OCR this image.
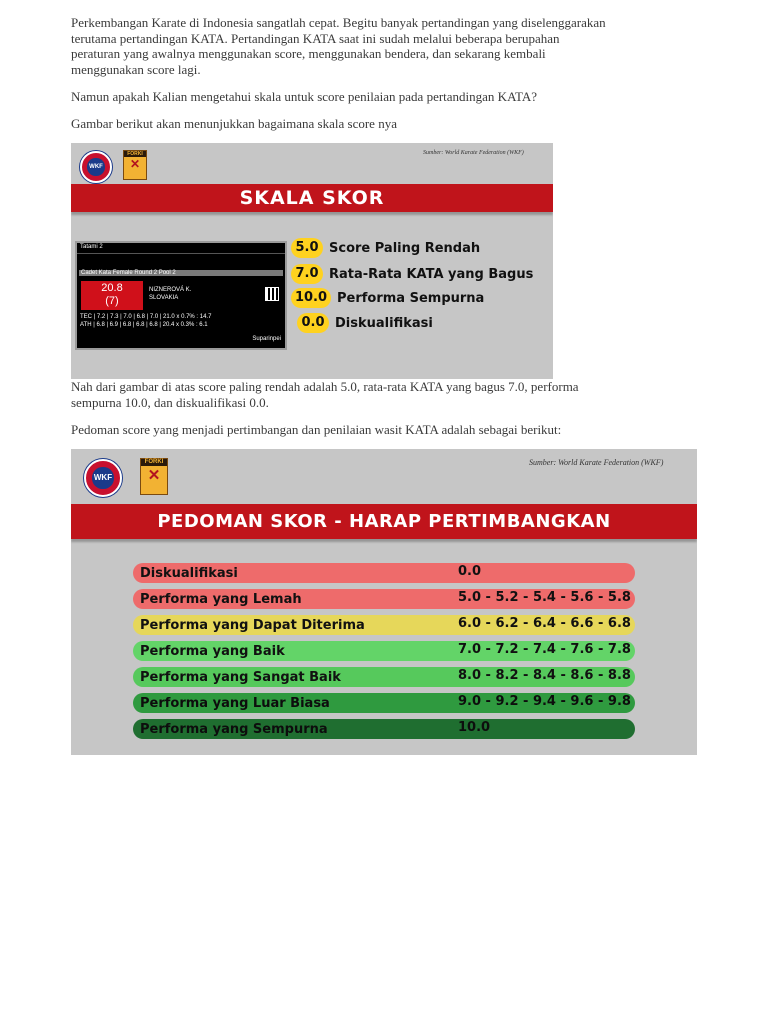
Perkembangan Karate di Indonesia sangatlah cepat. Begitu banyak pertandingan yang diselenggarakan
terutama pertandingan KATA. Pertandingan KATA saat ini sudah melalui beberapa berupahan
peraturan yang awalnya menggunakan score, menggunakan bendera, dan sekarang kembali
menggunakan score lagi.

Namun apakah Kalian mengetahui skala untuk score penilaian pada pertandingan KATA?

Gambar berikut akan menunjukkan bagaimana skala score nya

WKF
FORKI
✕
Sumber: World Karate Federation (WKF)
SKALA SKOR
Tatami 2
Cadet Kata Female Round 2 Pool 2
20.8
(7)
NIZNEROVÁ K.
SLOVAKIA
TEC | 7.2 | 7.3 | 7.0 | 6.8 | 7.0 | 21.0 x 0.7% : 14.7
ATH | 6.8 | 6.9 | 6.8 | 6.8 | 6.8 | 20.4 x 0.3% : 6.1
Suparinpei
5.0 Score Paling Rendah
7.0 Rata-Rata KATA yang Bagus
10.0 Performa Sempurna
0.0 Diskualifikasi
Nah dari gambar di atas score paling rendah adalah 5.0, rata-rata KATA yang bagus 7.0, performa
sempurna 10.0, dan diskualifikasi 0.0.

Pedoman score yang menjadi pertimbangan dan penilaian wasit KATA adalah sebagai berikut:

WKF
FORKI
✕
Sumber: World Karate Federation (WKF)
PEDOMAN SKOR - HARAP PERTIMBANGKAN
Diskualifikasi	0.0
Performa yang Lemah	5.0 - 5.2 - 5.4 - 5.6 - 5.8
Performa yang Dapat Diterima	6.0 - 6.2 - 6.4 - 6.6 - 6.8
Performa yang Baik	7.0 - 7.2 - 7.4 - 7.6 - 7.8
Performa yang Sangat Baik	8.0 - 8.2 - 8.4 - 8.6 - 8.8
Performa yang Luar Biasa	9.0 - 9.2 - 9.4 - 9.6 - 9.8
Performa yang Sempurna	10.0
